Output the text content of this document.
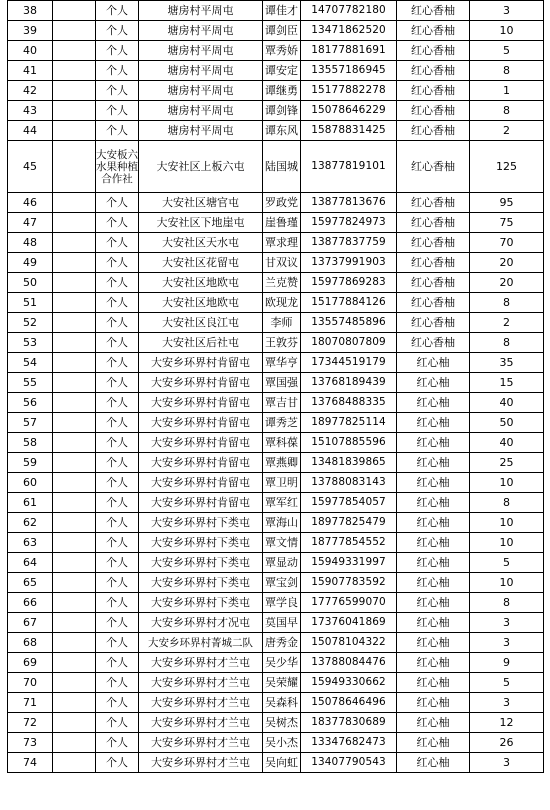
38		个人	塘房村平周屯	谭佳才	14707782180	红心香柚	3
39		个人	塘房村平周屯	谭剑臣	13471862520	红心香柚	10
40		个人	塘房村平周屯	覃秀娇	18177881691	红心香柚	5
41		个人	塘房村平周屯	谭安定	13557186945	红心香柚	8
42		个人	塘房村平周屯	谭继勇	15177882278	红心香柚	1
43		个人	塘房村平周屯	谭剑锋	15078646229	红心香柚	8
44		个人	塘房村平周屯	谭东风	15878831425	红心香柚	2
45		大安板六水果种植合作社	大安社区上板六屯	陆国城	13877819101	红心香柚	125
46		个人	大安社区塘官屯	罗政党	13877813676	红心香柚	95
47		个人	大安社区下地崖屯	崖鲁瑾	15977824973	红心香柚	75
48		个人	大安社区天水屯	覃求理	13877837759	红心香柚	70
49		个人	大安社区花留屯	甘双议	13737991903	红心香柚	20
50		个人	大安社区地欧屯	兰克赞	15977869283	红心香柚	20
51		个人	大安社区地欧屯	欧现龙	15177884126	红心香柚	8
52		个人	大安社区良江屯	李师	13557485896	红心香柚	2
53		个人	大安社区后社屯	王敦芬	18070807809	红心香柚	8
54		个人	大安乡环界村肯留屯	覃华亨	17344519179	红心柚	35
55		个人	大安乡环界村肯留屯	覃国强	13768189439	红心柚	15
56		个人	大安乡环界村肯留屯	覃吉甘	13768488335	红心柚	40
57		个人	大安乡环界村肯留屯	谭秀芝	18977825114	红心柚	50
58		个人	大安乡环界村肯留屯	覃科葆	15107885596	红心柚	40
59		个人	大安乡环界村肯留屯	覃燕卿	13481839865	红心柚	25
60		个人	大安乡环界村肯留屯	覃卫明	13788083143	红心柚	10
61		个人	大安乡环界村肯留屯	覃军红	15977854057	红心柚	8
62		个人	大安乡环界村下类屯	覃海山	18977825479	红心柚	10
63		个人	大安乡环界村下类屯	覃文情	18777854552	红心柚	10
64		个人	大安乡环界村下类屯	覃显动	15949331997	红心柚	5
65		个人	大安乡环界村下类屯	覃宝剑	15907783592	红心柚	10
66		个人	大安乡环界村下类屯	覃学良	17776599070	红心柚	8
67		个人	大安乡环界村才况屯	莫国早	17376041869	红心柚	3
68		个人	大安乡环界村菁城二队	唐秀金	15078104322	红心柚	3
69		个人	大安乡环界村才兰屯	吴少华	13788084476	红心柚	9
70		个人	大安乡环界村才兰屯	吴荣耀	15949330662	红心柚	5
71		个人	大安乡环界村才兰屯	吴森科	15078646496	红心柚	3
72		个人	大安乡环界村才兰屯	吴树杰	18377830689	红心柚	12
73		个人	大安乡环界村才兰屯	吴小杰	13347682473	红心柚	26
74		个人	大安乡环界村才兰屯	吴向虹	13407790543	红心柚	3
